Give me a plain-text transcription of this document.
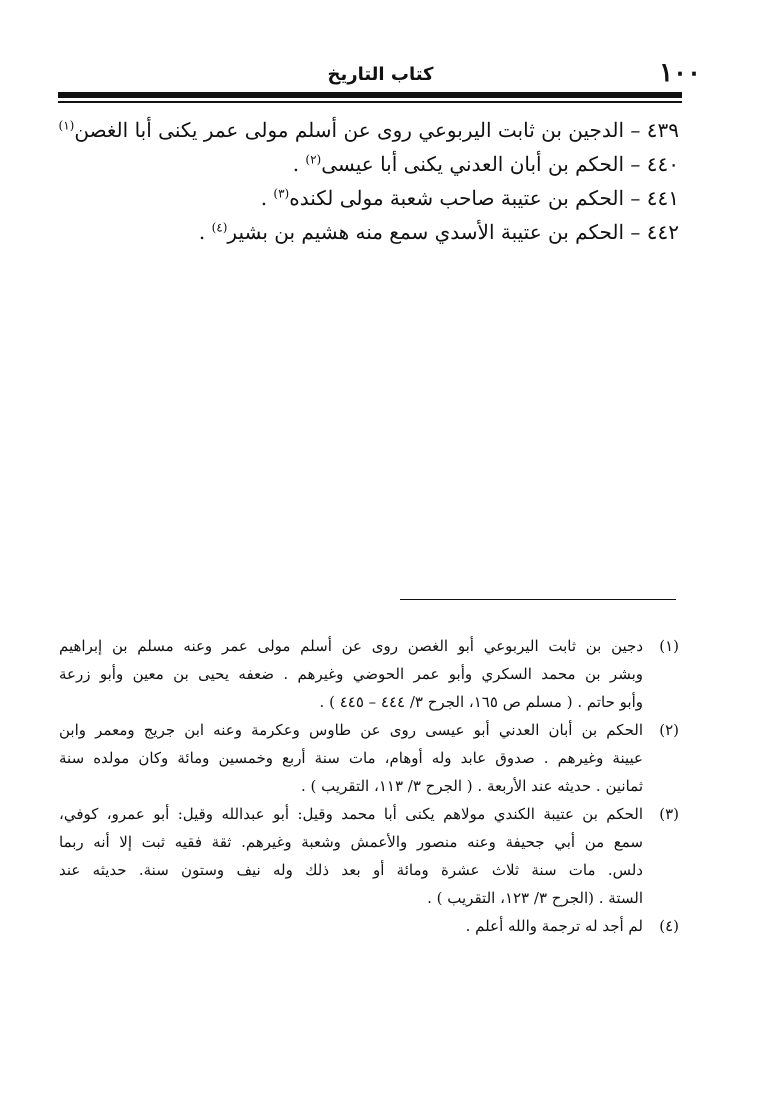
١٠٠
كتاب التاريخ
٤٣٩ – الدجين بن ثابت اليربوعي روى عن أسلم مولى عمر يكنى أبا الغصن$^{(١)}$
٤٤٠ – الحكم بن أبان العدني يكنى أبا عيسى$^{(٢)}$ .
٤٤١ – الحكم بن عتيبة صاحب شعبة مولى لكنده$^{(٣)}$ .
٤٤٢ – الحكم بن عتيبة الأسدي سمع منه هشيم بن بشير$^{(٤)}$ .
(١)
دجين بن ثابت اليربوعي أبو الغصن روى عن أسلم مولى عمر وعنه مسلم بن إبراهيم
وبشر بن محمد السكري وأبو عمر الحوضي وغيرهم . ضعفه يحيى بن معين وأبو زرعة
وأبو حاتم . ( مسلم ص ١٦٥، الجرح ٣/ ٤٤٤ – ٤٤٥ ) .
(٢)
الحكم بن أبان العدني أبو عيسى روى عن طاوس وعكرمة وعنه ابن جريج ومعمر وابن
عيينة وغيرهم . صدوق عابد وله أوهام، مات سنة أربع وخمسين ومائة وكان مولده سنة
ثمانين . حديثه عند الأربعة . ( الجرح ٣/ ١١٣، التقريب ) .
(٣)
الحكم بن عتيبة الكندي مولاهم يكنى أبا محمد وقيل: أبو عبدالله وقيل: أبو عمرو، كوفي،
سمع من أبي جحيفة وعنه منصور والأعمش وشعبة وغيرهم. ثقة فقيه ثبت إلا أنه ربما
دلس. مات سنة ثلاث عشرة ومائة أو بعد ذلك وله نيف وستون سنة. حديثه عند
الستة . (الجرح ٣/ ١٢٣، التقريب ) .
(٤)
لم أجد له ترجمة والله أعلم .
